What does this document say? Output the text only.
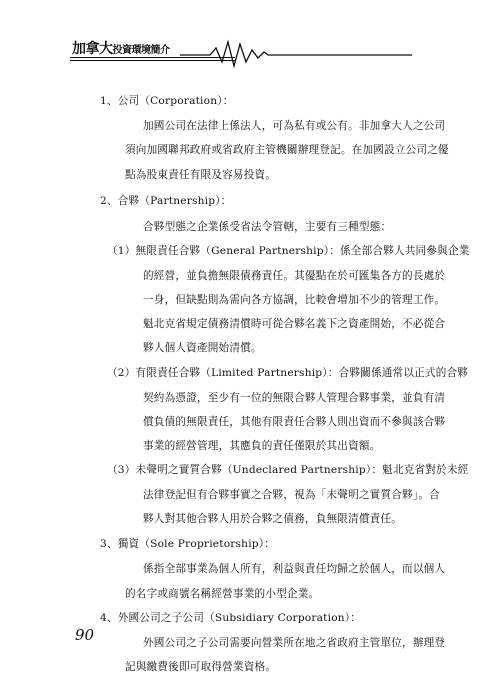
加拿大投資環境簡介
1、公司（Corporation）：
加國公司在法律上係法人，可為私有或公有。非加拿大人之公司
須向加國聯邦政府或省政府主管機關辦理登記。在加國設立公司之優
點為股東責任有限及容易投資。
2、合夥（Partnership）：
合夥型態之企業係受省法令管轄，主要有三種型態：
（1）無限責任合夥（General Partnership）：係全部合夥人共同參與企業
的經營，並負擔無限債務責任。其優點在於可匯集各方的長處於
一身，但缺點則為需向各方協調，比較會增加不少的管理工作。
魁北克省規定債務清償時可從合夥名義下之資產開始，不必從合
夥人個人資產開始清償。
（2）有限責任合夥（Limited Partnership）：合夥關係通常以正式的合夥
契約為憑證，至少有一位的無限合夥人管理合夥事業，並負有清
償負債的無限責任，其他有限責任合夥人則出資而不參與該合夥
事業的經營管理，其應負的責任僅限於其出資額。
（3）未聲明之實質合夥（Undeclared Partnership）：魁北克省對於未經
法律登記但有合夥事實之合夥，視為「未聲明之實質合夥」。合
夥人對其他合夥人用於合夥之債務，負無限清償責任。
3、獨資（Sole Proprietorship）：
係指全部事業為個人所有，利益與責任均歸之於個人，而以個人
的名字或商號名稱經營事業的小型企業。
4、外國公司之子公司（Subsidiary Corporation）：
外國公司之子公司需要向營業所在地之省政府主管單位，辦理登
記與繳費後即可取得營業資格。
90
